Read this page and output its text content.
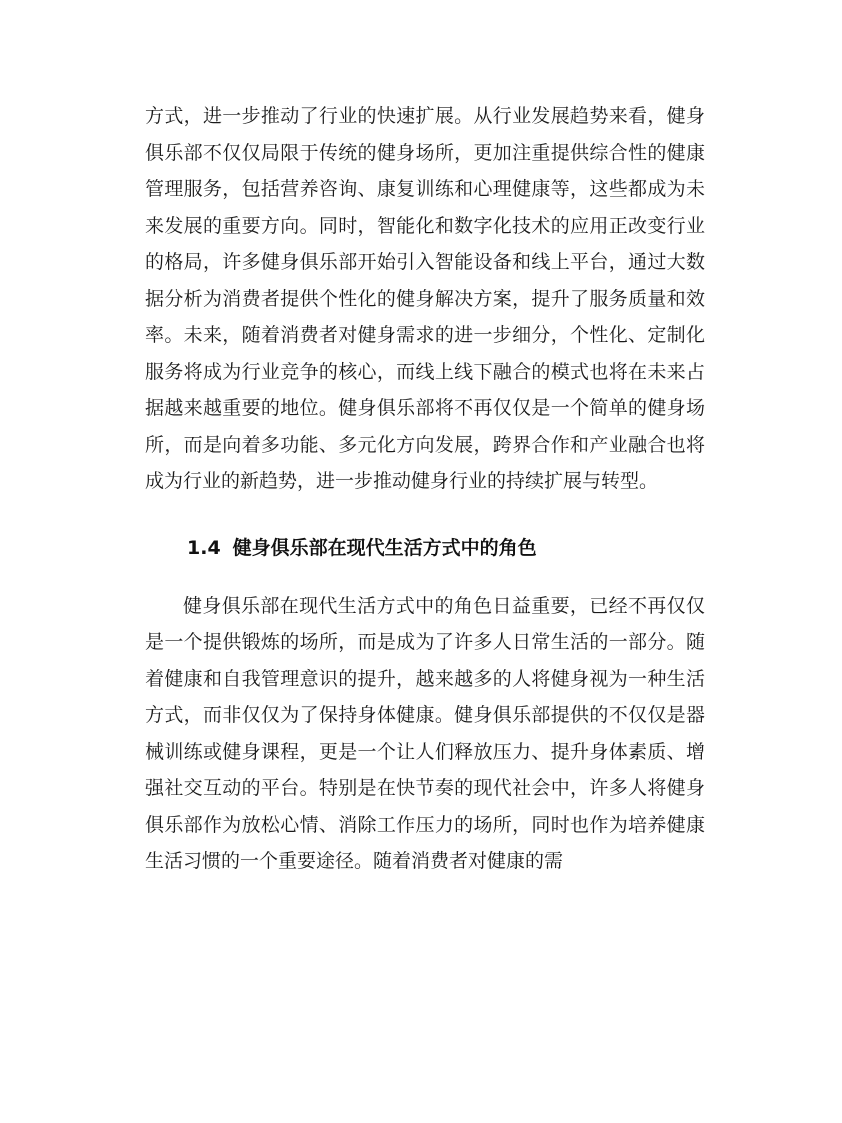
方式，进一步推动了行业的快速扩展。从行业发展趋势来看，健身俱乐部不仅仅局限于传统的健身场所，更加注重提供综合性的健康管理服务，包括营养咨询、康复训练和心理健康等，这些都成为未来发展的重要方向。同时，智能化和数字化技术的应用正改变行业的格局，许多健身俱乐部开始引入智能设备和线上平台，通过大数据分析为消费者提供个性化的健身解决方案，提升了服务质量和效率。未来，随着消费者对健身需求的进一步细分，个性化、定制化服务将成为行业竞争的核心，而线上线下融合的模式也将在未来占据越来越重要的地位。健身俱乐部将不再仅仅是一个简单的健身场所，而是向着多功能、多元化方向发展，跨界合作和产业融合也将成为行业的新趋势，进一步推动健身行业的持续扩展与转型。

1.4 健身俱乐部在现代生活方式中的角色

健身俱乐部在现代生活方式中的角色日益重要，已经不再仅仅是一个提供锻炼的场所，而是成为了许多人日常生活的一部分。随着健康和自我管理意识的提升，越来越多的人将健身视为一种生活方式，而非仅仅为了保持身体健康。健身俱乐部提供的不仅仅是器械训练或健身课程，更是一个让人们释放压力、提升身体素质、增强社交互动的平台。特别是在快节奏的现代社会中，许多人将健身俱乐部作为放松心情、消除工作压力的场所，同时也作为培养健康生活习惯的一个重要途径。随着消费者对健康的需
